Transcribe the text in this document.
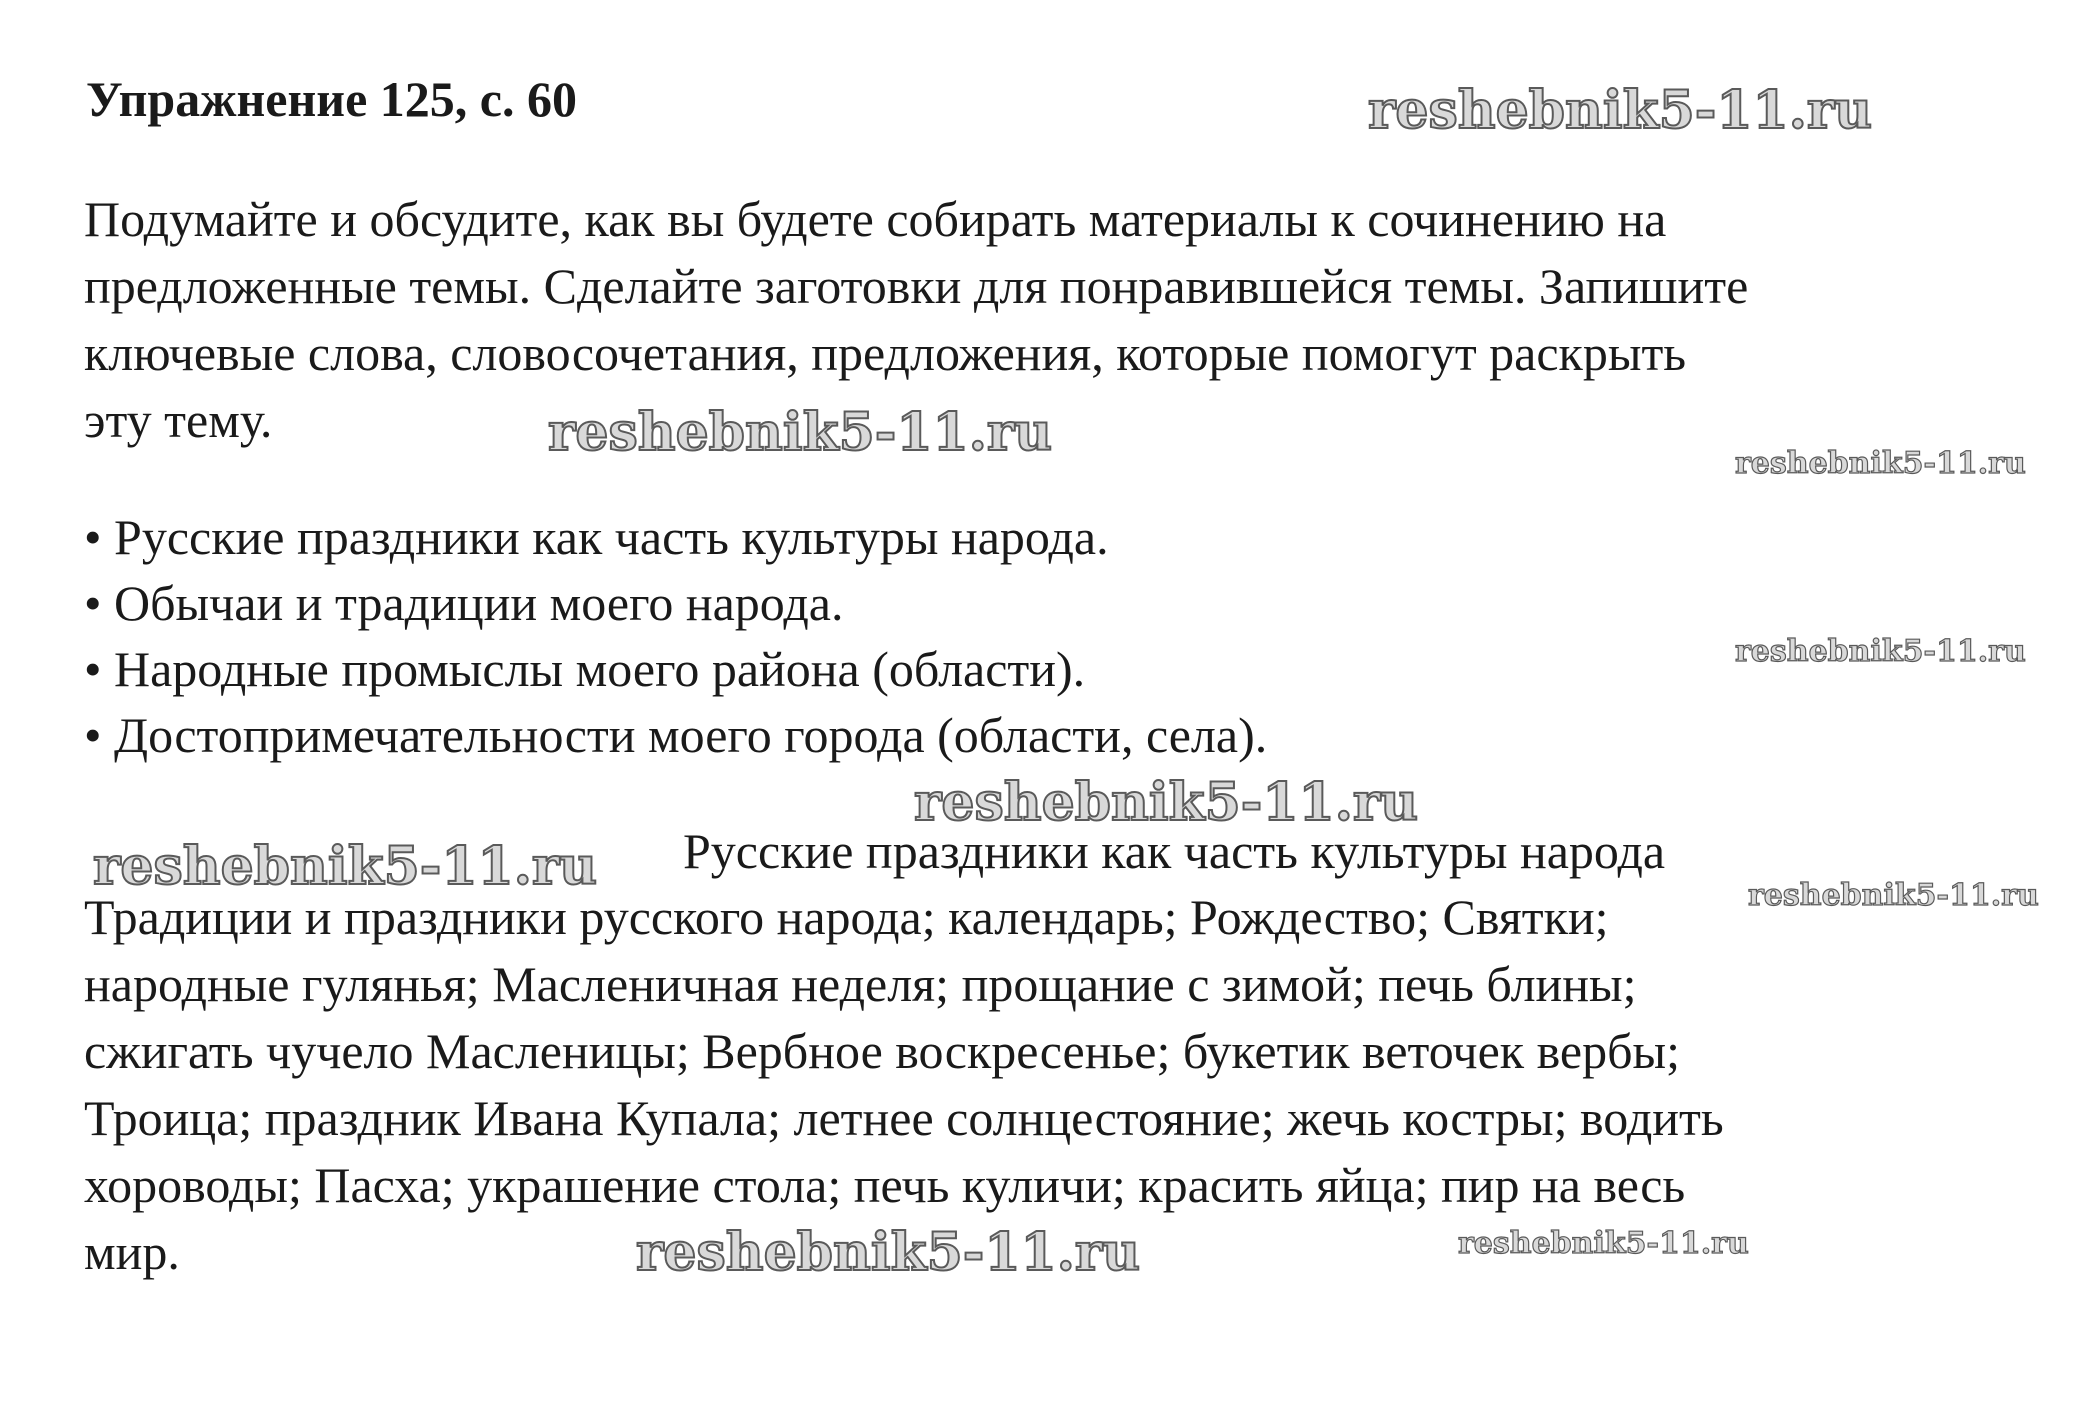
Упражнение 125, с. 60
Подумайте и обсудите, как вы будете собирать материалы к сочинению на
предложенные темы. Сделайте заготовки для понравившейся темы. Запишите
ключевые слова, словосочетания, предложения, которые помогут раскрыть
эту тему.
• Русские праздники как часть культуры народа.
• Обычаи и традиции моего народа.
• Народные промыслы моего района (области).
• Достопримечательности моего города (области, села).
Русские праздники как часть культуры народа
Традиции и праздники русского народа; календарь; Рождество; Святки;
народные гулянья; Масленичная неделя; прощание с зимой; печь блины;
сжигать чучело Масленицы; Вербное воскресенье; букетик веточек вербы;
Троица; праздник Ивана Купала; летнее солнцестояние; жечь костры; водить
хороводы; Пасха; украшение стола; печь куличи; красить яйца; пир на весь
мир.
reshebnik5-11.ru
reshebnik5-11.ru
reshebnik5-11.ru
reshebnik5-11.ru
reshebnik5-11.ru
reshebnik5-11.ru	reshebnik5-11.ru
reshebnik5-11.ru	reshebnik5-11.ru
